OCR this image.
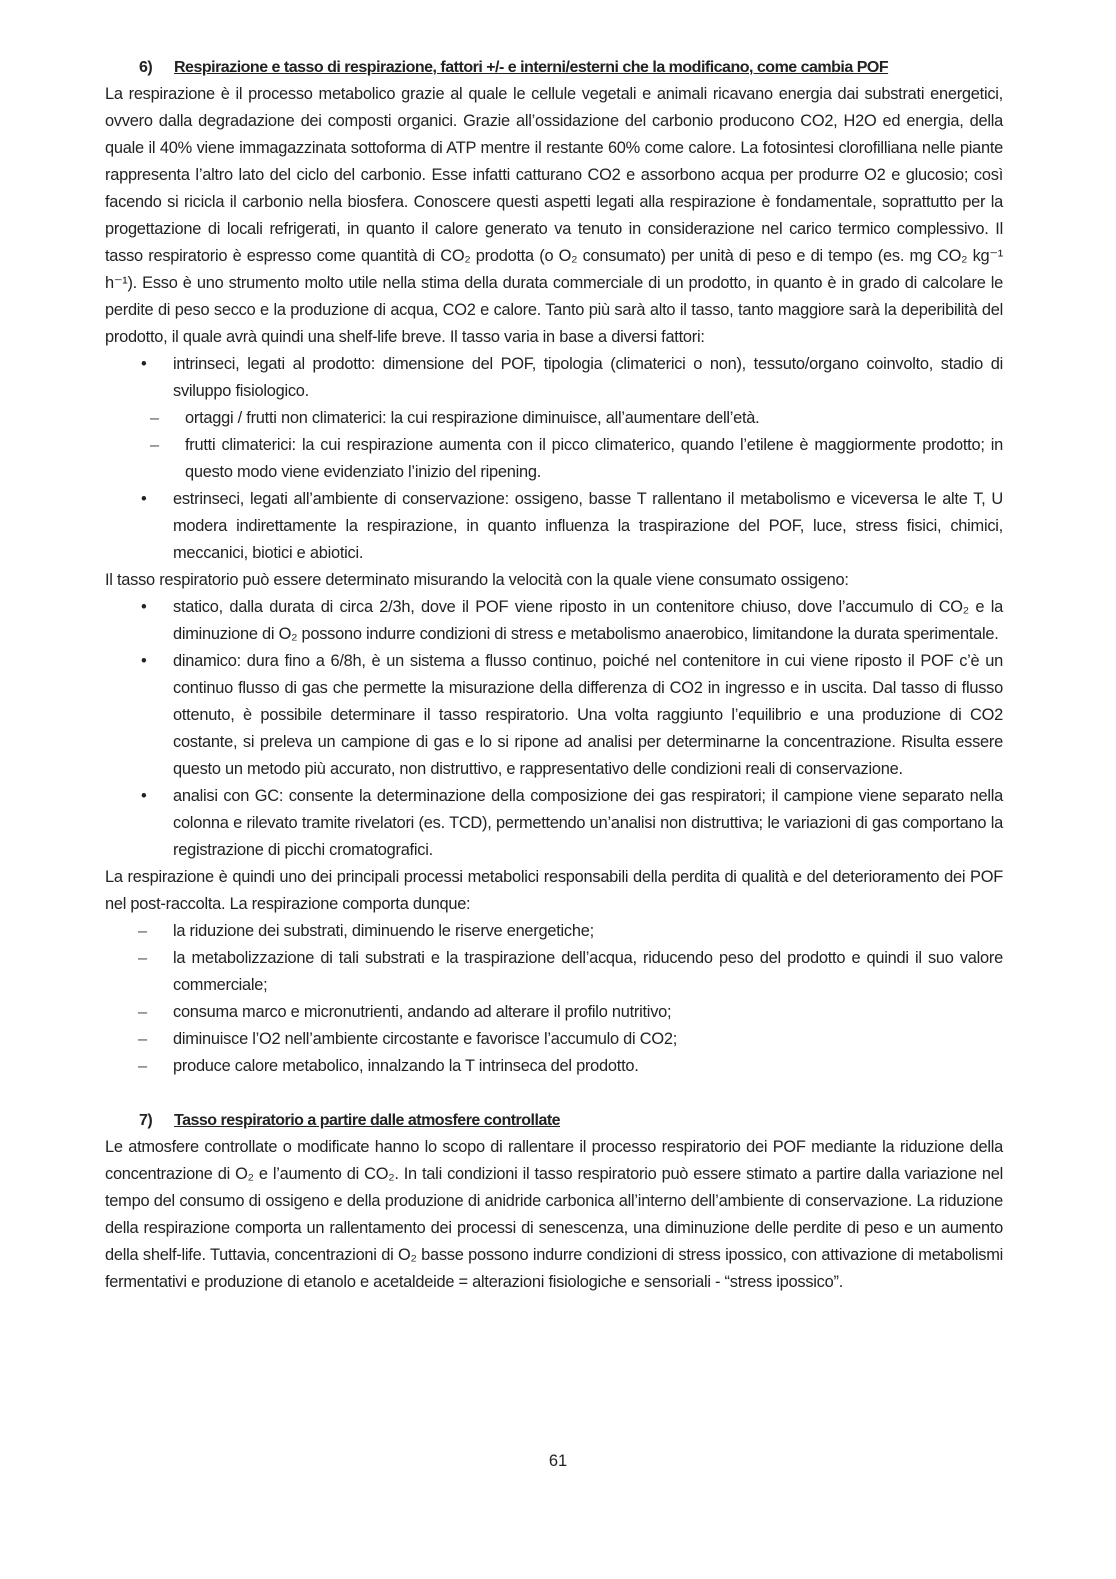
6) Respirazione e tasso di respirazione, fattori +/- e interni/esterni che la modificano, come cambia POF

La respirazione è il processo metabolico grazie al quale le cellule vegetali e animali ricavano energia dai substrati energetici, ovvero dalla degradazione dei composti organici. Grazie all’ossidazione del carbonio producono CO2, H2O ed energia, della quale il 40% viene immagazzinata sottoforma di ATP mentre il restante 60% come calore. La fotosintesi clorofilliana nelle piante rappresenta l’altro lato del ciclo del carbonio. Esse infatti catturano CO2 e assorbono acqua per produrre O2 e glucosio; così facendo si ricicla il carbonio nella biosfera. Conoscere questi aspetti legati alla respirazione è fondamentale, soprattutto per la progettazione di locali refrigerati, in quanto il calore generato va tenuto in considerazione nel carico termico complessivo. Il tasso respiratorio è espresso come quantità di CO₂ prodotta (o O₂ consumato) per unità di peso e di tempo (es. mg CO₂ kg⁻¹ h⁻¹). Esso è uno strumento molto utile nella stima della durata commerciale di un prodotto, in quanto è in grado di calcolare le perdite di peso secco e la produzione di acqua, CO2 e calore. Tanto più sarà alto il tasso, tanto maggiore sarà la deperibilità del prodotto, il quale avrà quindi una shelf-life breve. Il tasso varia in base a diversi fattori:

• intrinseci, legati al prodotto: dimensione del POF, tipologia (climaterici o non), tessuto/organo coinvolto, stadio di sviluppo fisiologico.
– ortaggi / frutti non climaterici: la cui respirazione diminuisce, all’aumentare dell’età.
– frutti climaterici: la cui respirazione aumenta con il picco climaterico, quando l’etilene è maggiormente prodotto; in questo modo viene evidenziato l’inizio del ripening.
• estrinseci, legati all’ambiente di conservazione: ossigeno, basse T rallentano il metabolismo e viceversa le alte T, U modera indirettamente la respirazione, in quanto influenza la traspirazione del POF, luce, stress fisici, chimici, meccanici, biotici e abiotici.

Il tasso respiratorio può essere determinato misurando la velocità con la quale viene consumato ossigeno:

• statico, dalla durata di circa 2/3h, dove il POF viene riposto in un contenitore chiuso, dove l’accumulo di CO₂ e la diminuzione di O₂ possono indurre condizioni di stress e metabolismo anaerobico, limitandone la durata sperimentale.
• dinamico: dura fino a 6/8h, è un sistema a flusso continuo, poiché nel contenitore in cui viene riposto il POF c’è un continuo flusso di gas che permette la misurazione della differenza di CO2 in ingresso e in uscita. Dal tasso di flusso ottenuto, è possibile determinare il tasso respiratorio. Una volta raggiunto l’equilibrio e una produzione di CO2 costante, si preleva un campione di gas e lo si ripone ad analisi per determinarne la concentrazione. Risulta essere questo un metodo più accurato, non distruttivo, e rappresentativo delle condizioni reali di conservazione.
• analisi con GC: consente la determinazione della composizione dei gas respiratori; il campione viene separato nella colonna e rilevato tramite rivelatori (es. TCD), permettendo un’analisi non distruttiva; le variazioni di gas comportano la registrazione di picchi cromatografici.

La respirazione è quindi uno dei principali processi metabolici responsabili della perdita di qualità e del deterioramento dei POF nel post-raccolta. La respirazione comporta dunque:

– la riduzione dei substrati, diminuendo le riserve energetiche;
– la metabolizzazione di tali substrati e la traspirazione dell’acqua, riducendo peso del prodotto e quindi il suo valore commerciale;
– consuma marco e micronutrienti, andando ad alterare il profilo nutritivo;
– diminuisce l’O2 nell’ambiente circostante e favorisce l’accumulo di CO2;
– produce calore metabolico, innalzando la T intrinseca del prodotto.
7) Tasso respiratorio a partire dalle atmosfere controllate

Le atmosfere controllate o modificate hanno lo scopo di rallentare il processo respiratorio dei POF mediante la riduzione della concentrazione di O₂ e l’aumento di CO₂. In tali condizioni il tasso respiratorio può essere stimato a partire dalla variazione nel tempo del consumo di ossigeno e della produzione di anidride carbonica all’interno dell’ambiente di conservazione. La riduzione della respirazione comporta un rallentamento dei processi di senescenza, una diminuzione delle perdite di peso e un aumento della shelf-life. Tuttavia, concentrazioni di O₂ basse possono indurre condizioni di stress ipossico, con attivazione di metabolismi fermentativi e produzione di etanolo e acetaldeide = alterazioni fisiologiche e sensoriali - “stress ipossico”.

61
